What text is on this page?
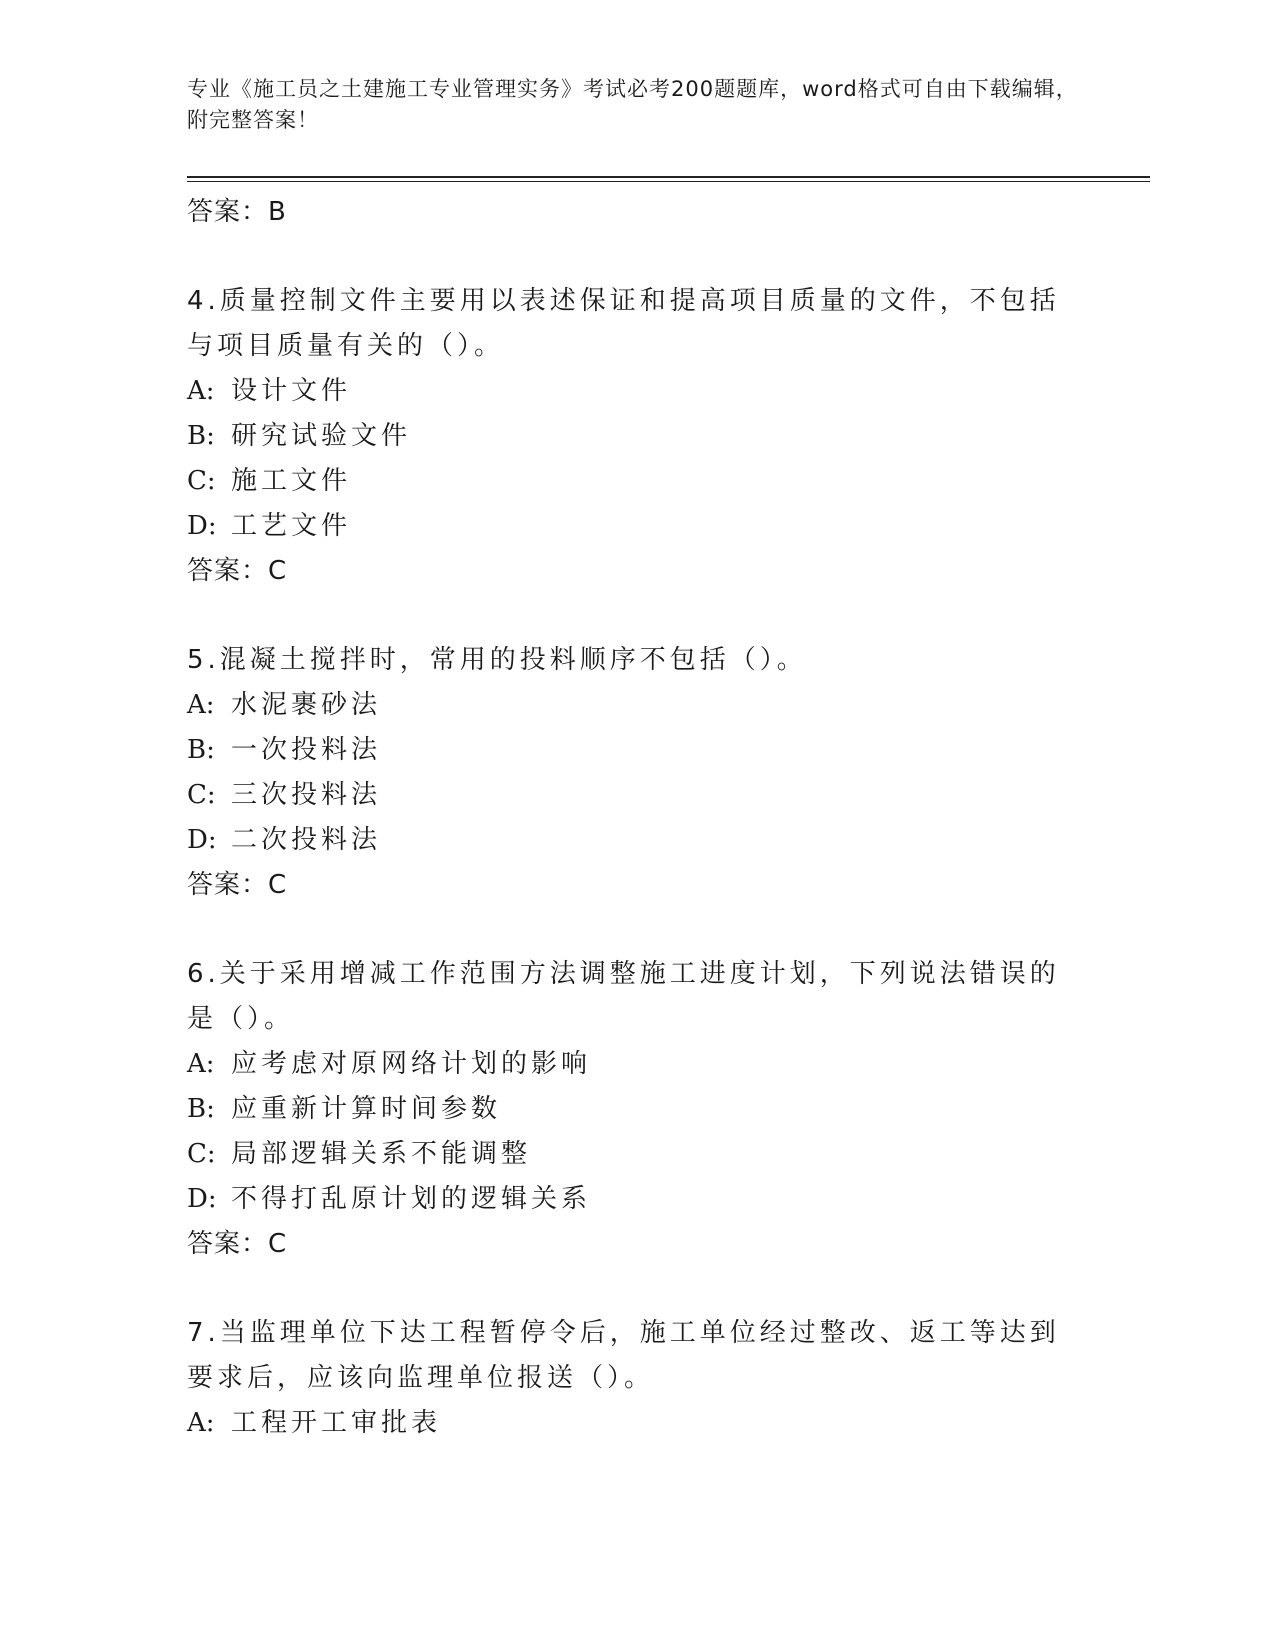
专业《施工员之土建施工专业管理实务》考试必考200题题库，word格式可自由下载编辑，附完整答案！
答案：B
4.质量控制文件主要用以表述保证和提高项目质量的文件，不包括与项目质量有关的（）。
A: 设计文件
B: 研究试验文件
C: 施工文件
D: 工艺文件
答案：C
5.混凝土搅拌时，常用的投料顺序不包括（）。
A: 水泥裹砂法
B: 一次投料法
C: 三次投料法
D: 二次投料法
答案：C
6.关于采用增减工作范围方法调整施工进度计划，下列说法错误的是（）。
A: 应考虑对原网络计划的影响
B: 应重新计算时间参数
C: 局部逻辑关系不能调整
D: 不得打乱原计划的逻辑关系
答案：C
7.当监理单位下达工程暂停令后，施工单位经过整改、返工等达到要求后，应该向监理单位报送（）。
A: 工程开工审批表
